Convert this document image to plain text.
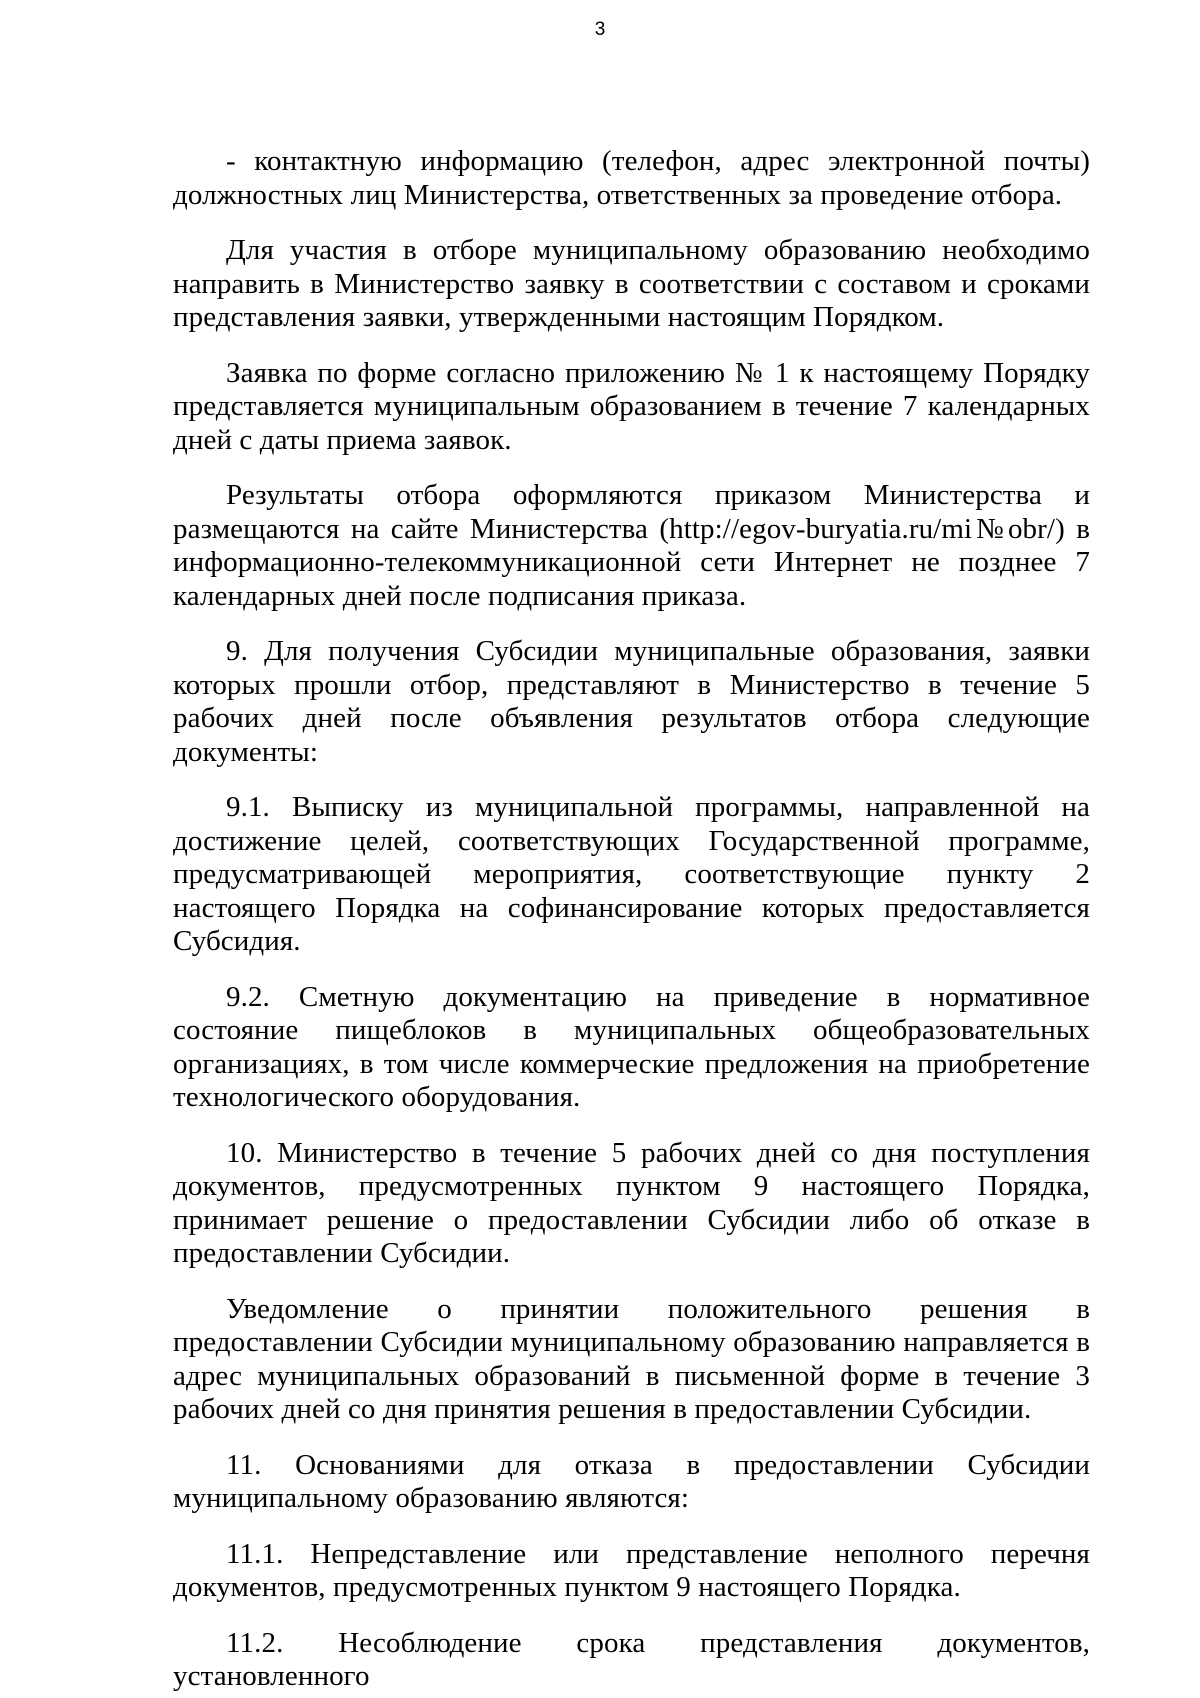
3

- контактную информацию (телефон, адрес электронной почты) должностных лиц Министерства, ответственных за проведение отбора.

Для участия в отборе муниципальному образованию необходимо направить в Министерство заявку в соответствии с составом и сроками представления заявки, утвержденными настоящим Порядком.

Заявка по форме согласно приложению № 1 к настоящему Порядку представляется муниципальным образованием в течение 7 календарных дней с даты приема заявок.

Результаты отбора оформляются приказом Министерства и размещаются на сайте Министерства (http://egov-buryatia.ru/mi№obr/) в информационно-телекоммуникационной сети Интернет не позднее 7 календарных дней после подписания приказа.

9. Для получения Субсидии муниципальные образования, заявки которых прошли отбор, представляют в Министерство в течение 5 рабочих дней после объявления результатов отбора следующие документы:

9.1. Выписку из муниципальной программы, направленной на достижение целей, соответствующих Государственной программе, предусматривающей мероприятия, соответствующие пункту 2 настоящего Порядка на софинансирование которых предоставляется Субсидия.

9.2. Сметную документацию на приведение в нормативное состояние пищеблоков в муниципальных общеобразовательных организациях, в том числе коммерческие предложения на приобретение технологического оборудования.

10. Министерство в течение 5 рабочих дней со дня поступления документов, предусмотренных пунктом 9 настоящего Порядка, принимает решение о предоставлении Субсидии либо об отказе в предоставлении Субсидии.

Уведомление о принятии положительного решения в предоставлении Субсидии муниципальному образованию направляется в адрес муниципальных образований в письменной форме в течение 3 рабочих дней со дня принятия решения в предоставлении Субсидии.

11. Основаниями для отказа в предоставлении Субсидии муниципальному образованию являются:

11.1. Непредставление или представление неполного перечня документов, предусмотренных пунктом 9 настоящего Порядка.

11.2. Несоблюдение срока представления документов, установленного
